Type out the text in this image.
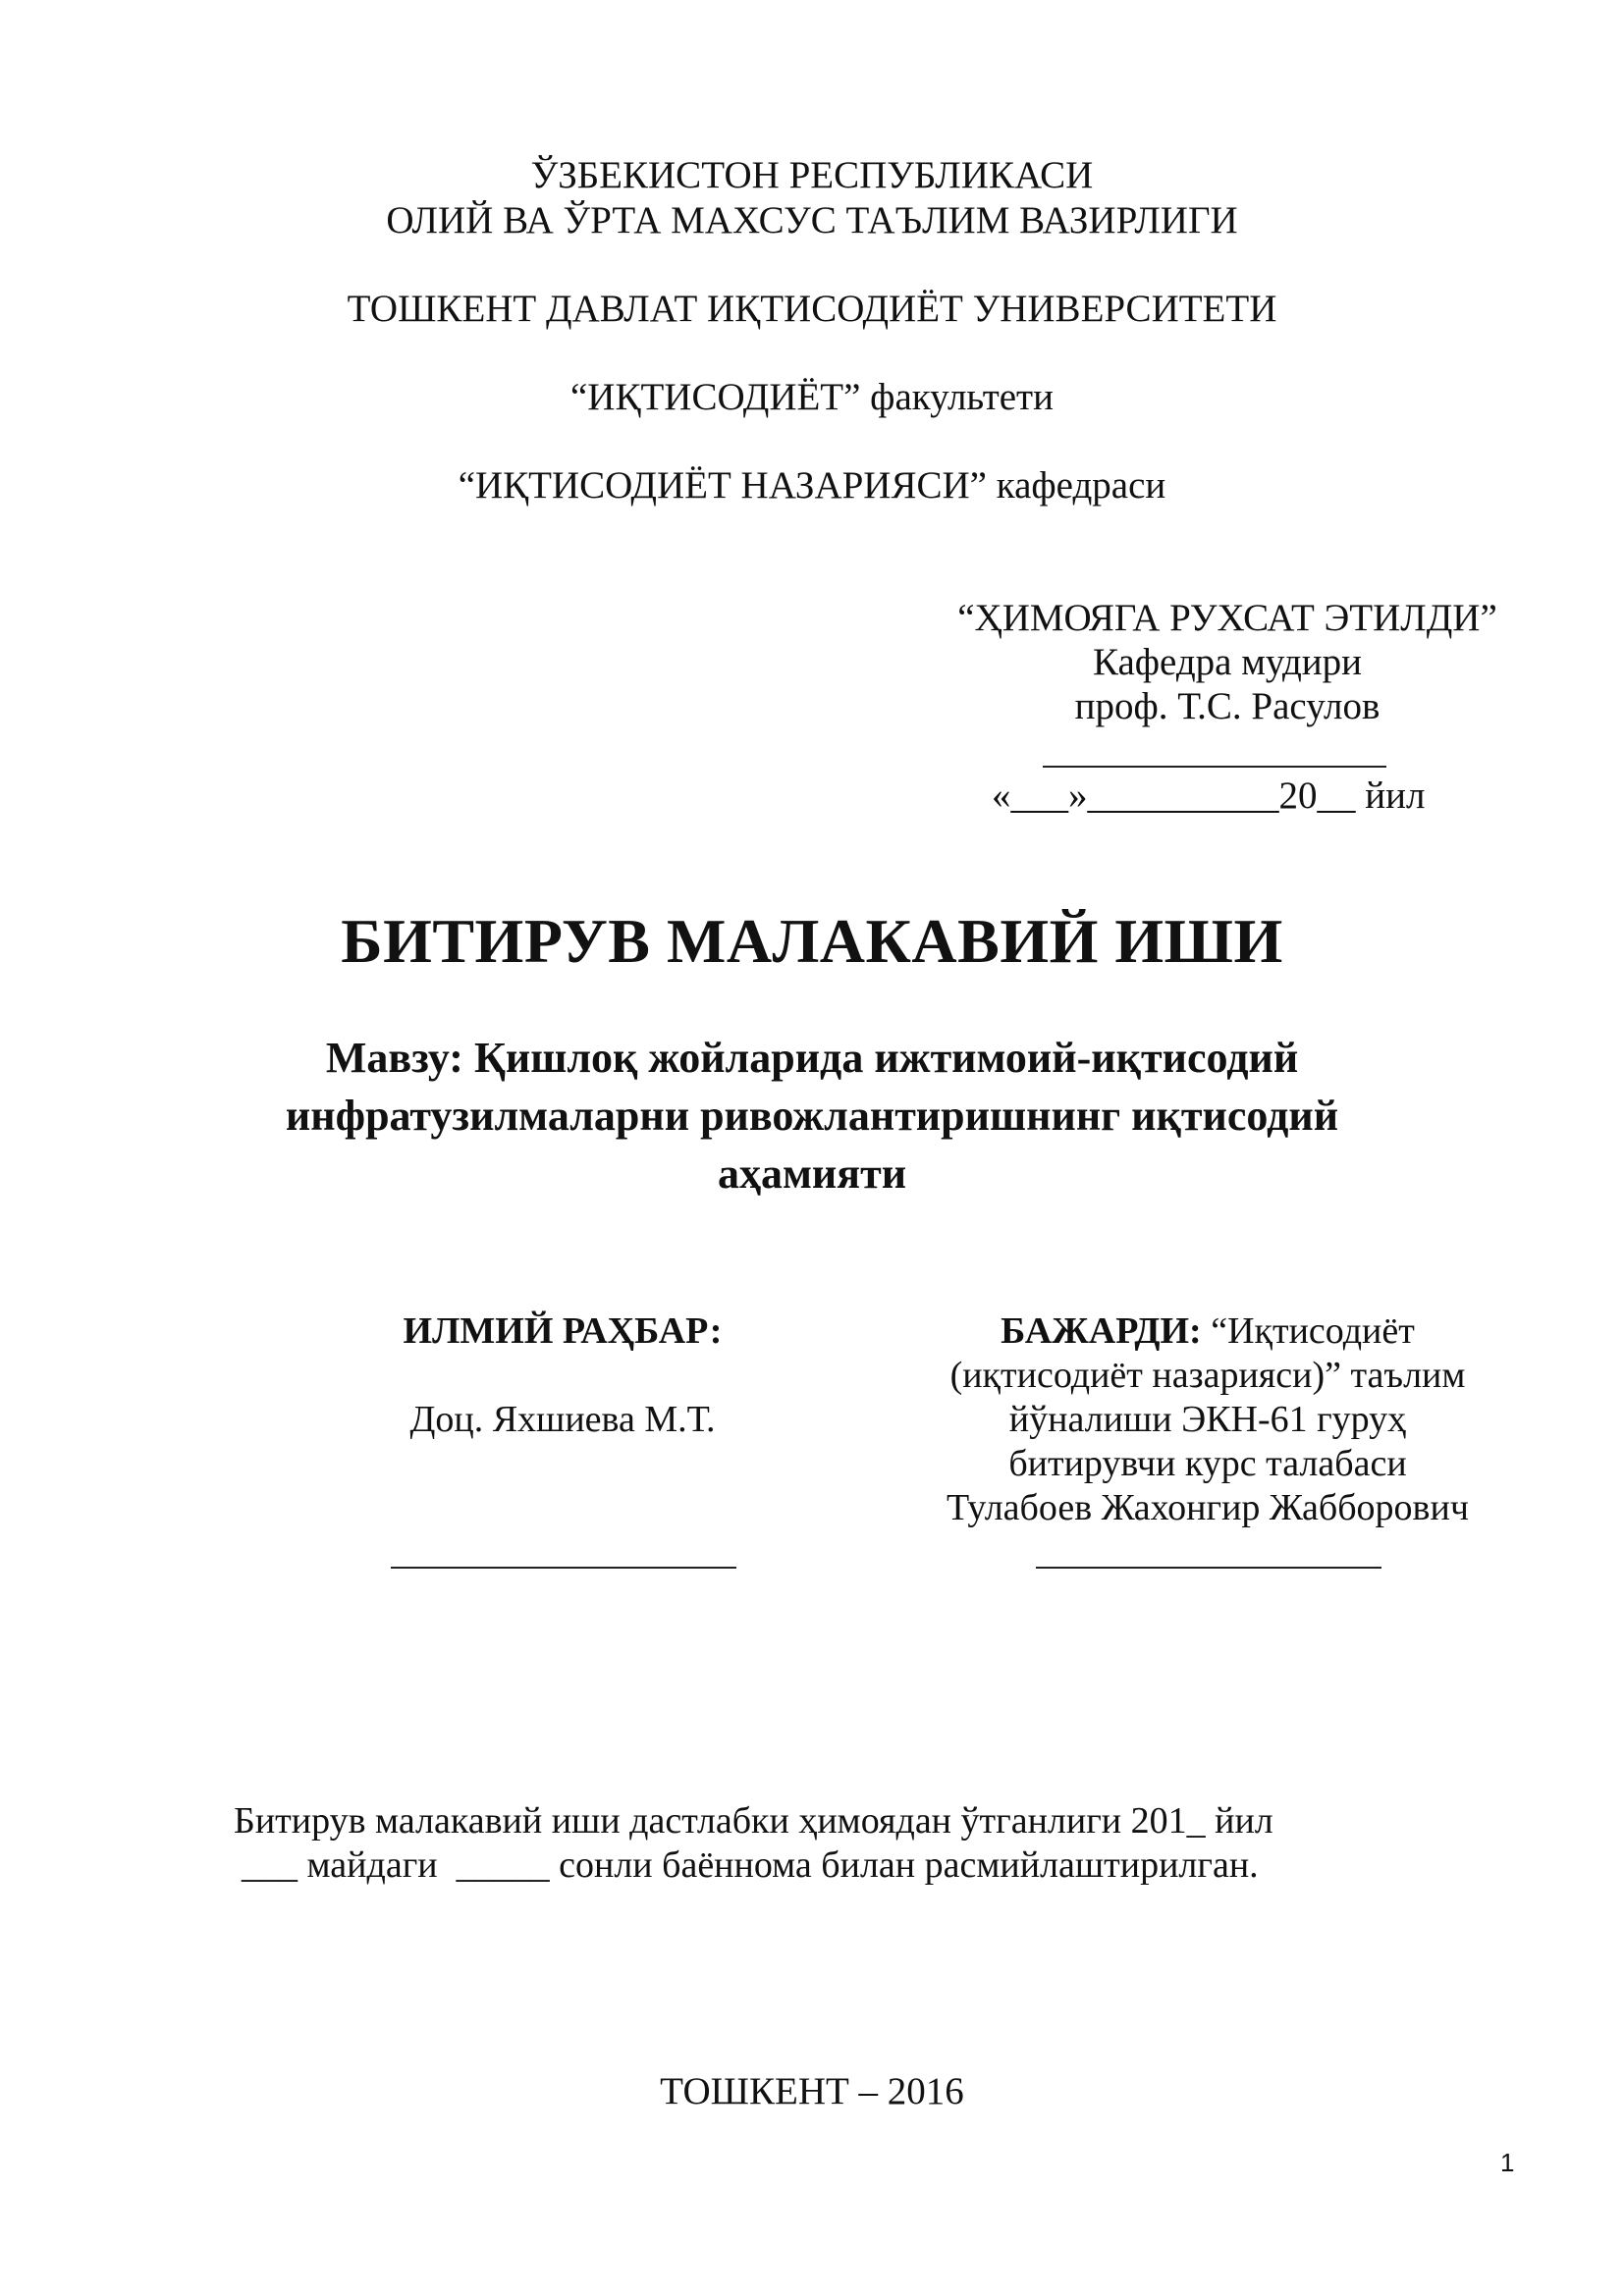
ЎЗБЕКИСТОН РЕСПУБЛИКАСИ
ОЛИЙ ВА ЎРТА МАХСУС ТАЪЛИМ ВАЗИРЛИГИ
ТОШКЕНТ ДАВЛАТ ИҚТИСОДИЁТ УНИВЕРСИТЕТИ
“ИҚТИСОДИЁТ” факультети
“ИҚТИСОДИЁТ НАЗАРИЯСИ” кафедраси
“ҲИМОЯГА РУХСАТ ЭТИЛДИ”
Кафедра мудири
проф. Т.С. Расулов
«___»__________20__ йил
БИТИРУВ МАЛАКАВИЙ ИШИ
Мавзу: Қишлоқ жойларида ижтимоий-иқтисодий
инфратузилмаларни ривожлантиришнинг иқтисодий
аҳамияти
ИЛМИЙ РАҲБАР:
Доц. Яхшиева М.Т.
БАЖАРДИ: “Иқтисодиёт
(иқтисодиёт назарияси)” таълим
йўналиши ЭКН-61 гуруҳ
битирувчи курс талабаси
Тулабоев Жахонгир Жабборович
Битирув малакавий иши дастлабки ҳимоядан ўтганлиги 201_ йил
___ майдаги  _____ сонли баённома билан расмийлаштирилган.
ТОШКЕНТ – 2016
1
